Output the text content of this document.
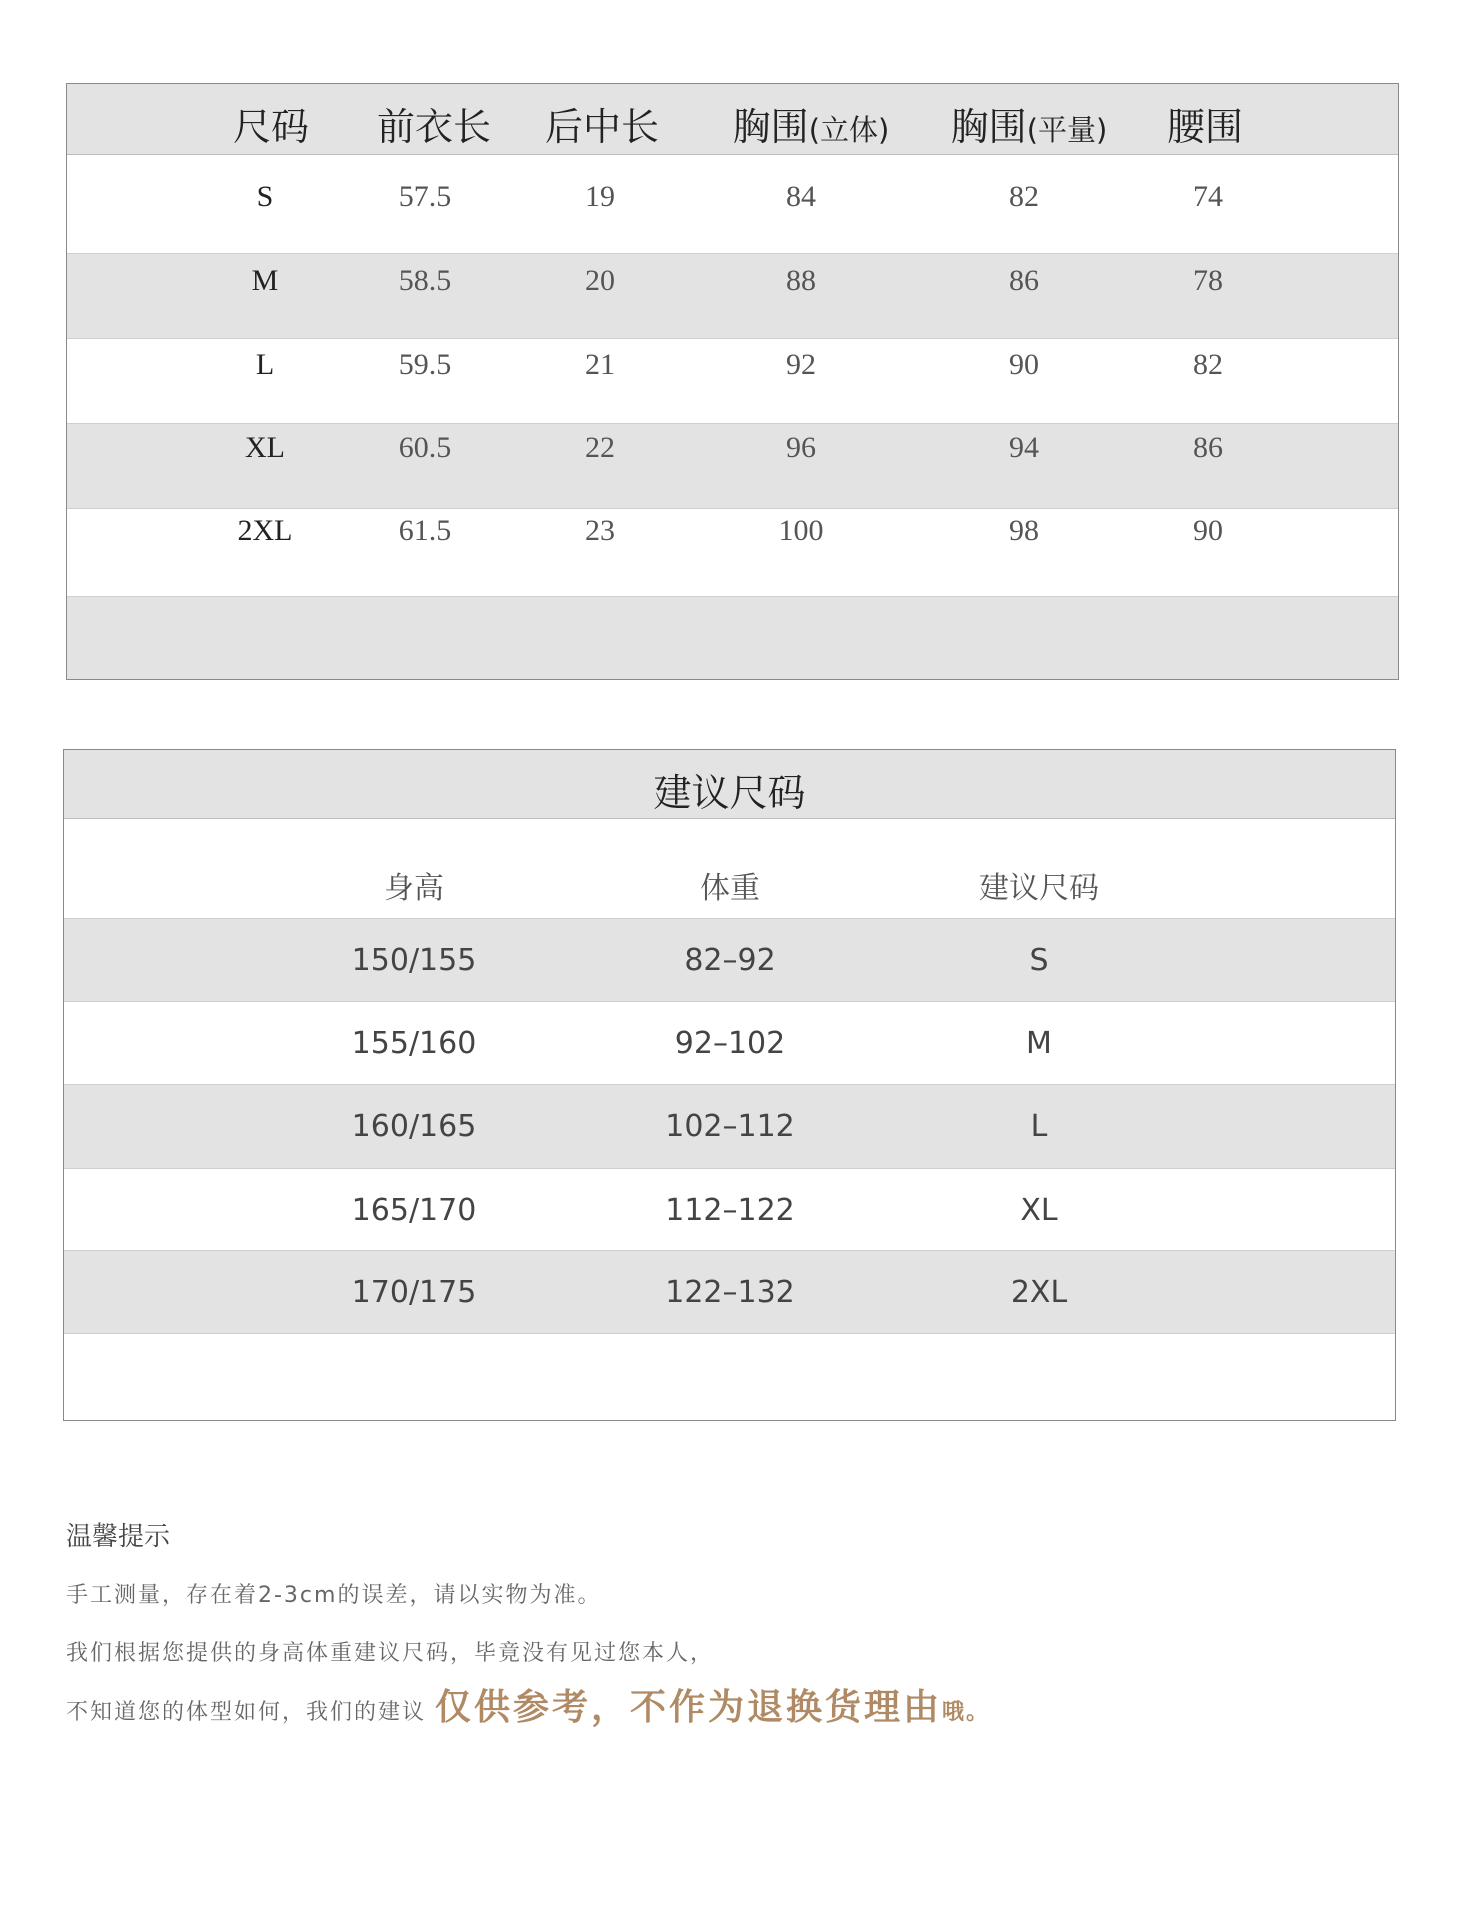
尺码 前衣长 后中长 胸围(立体) 胸围(平量) 腰围
S	57.5	19	84	82	74
M	58.5	20	88	86	78
L	59.5	21	92	90	82
XL	60.5	22	96	94	86
2XL	61.5	23	100	98	90
建议尺码
身高	体重	建议尺码
150/155	82–92	S
155/160	92–102	M
160/165	102–112	L
165/170	112–122	XL
170/175	122–132	2XL

温馨提示

手工测量，存在着2-3cm的误差，请以实物为准。
我们根据您提供的身高体重建议尺码，毕竟没有见过您本人，
不知道您的体型如何，我们的建议 仅供参考，不作为退换货理由哦。
